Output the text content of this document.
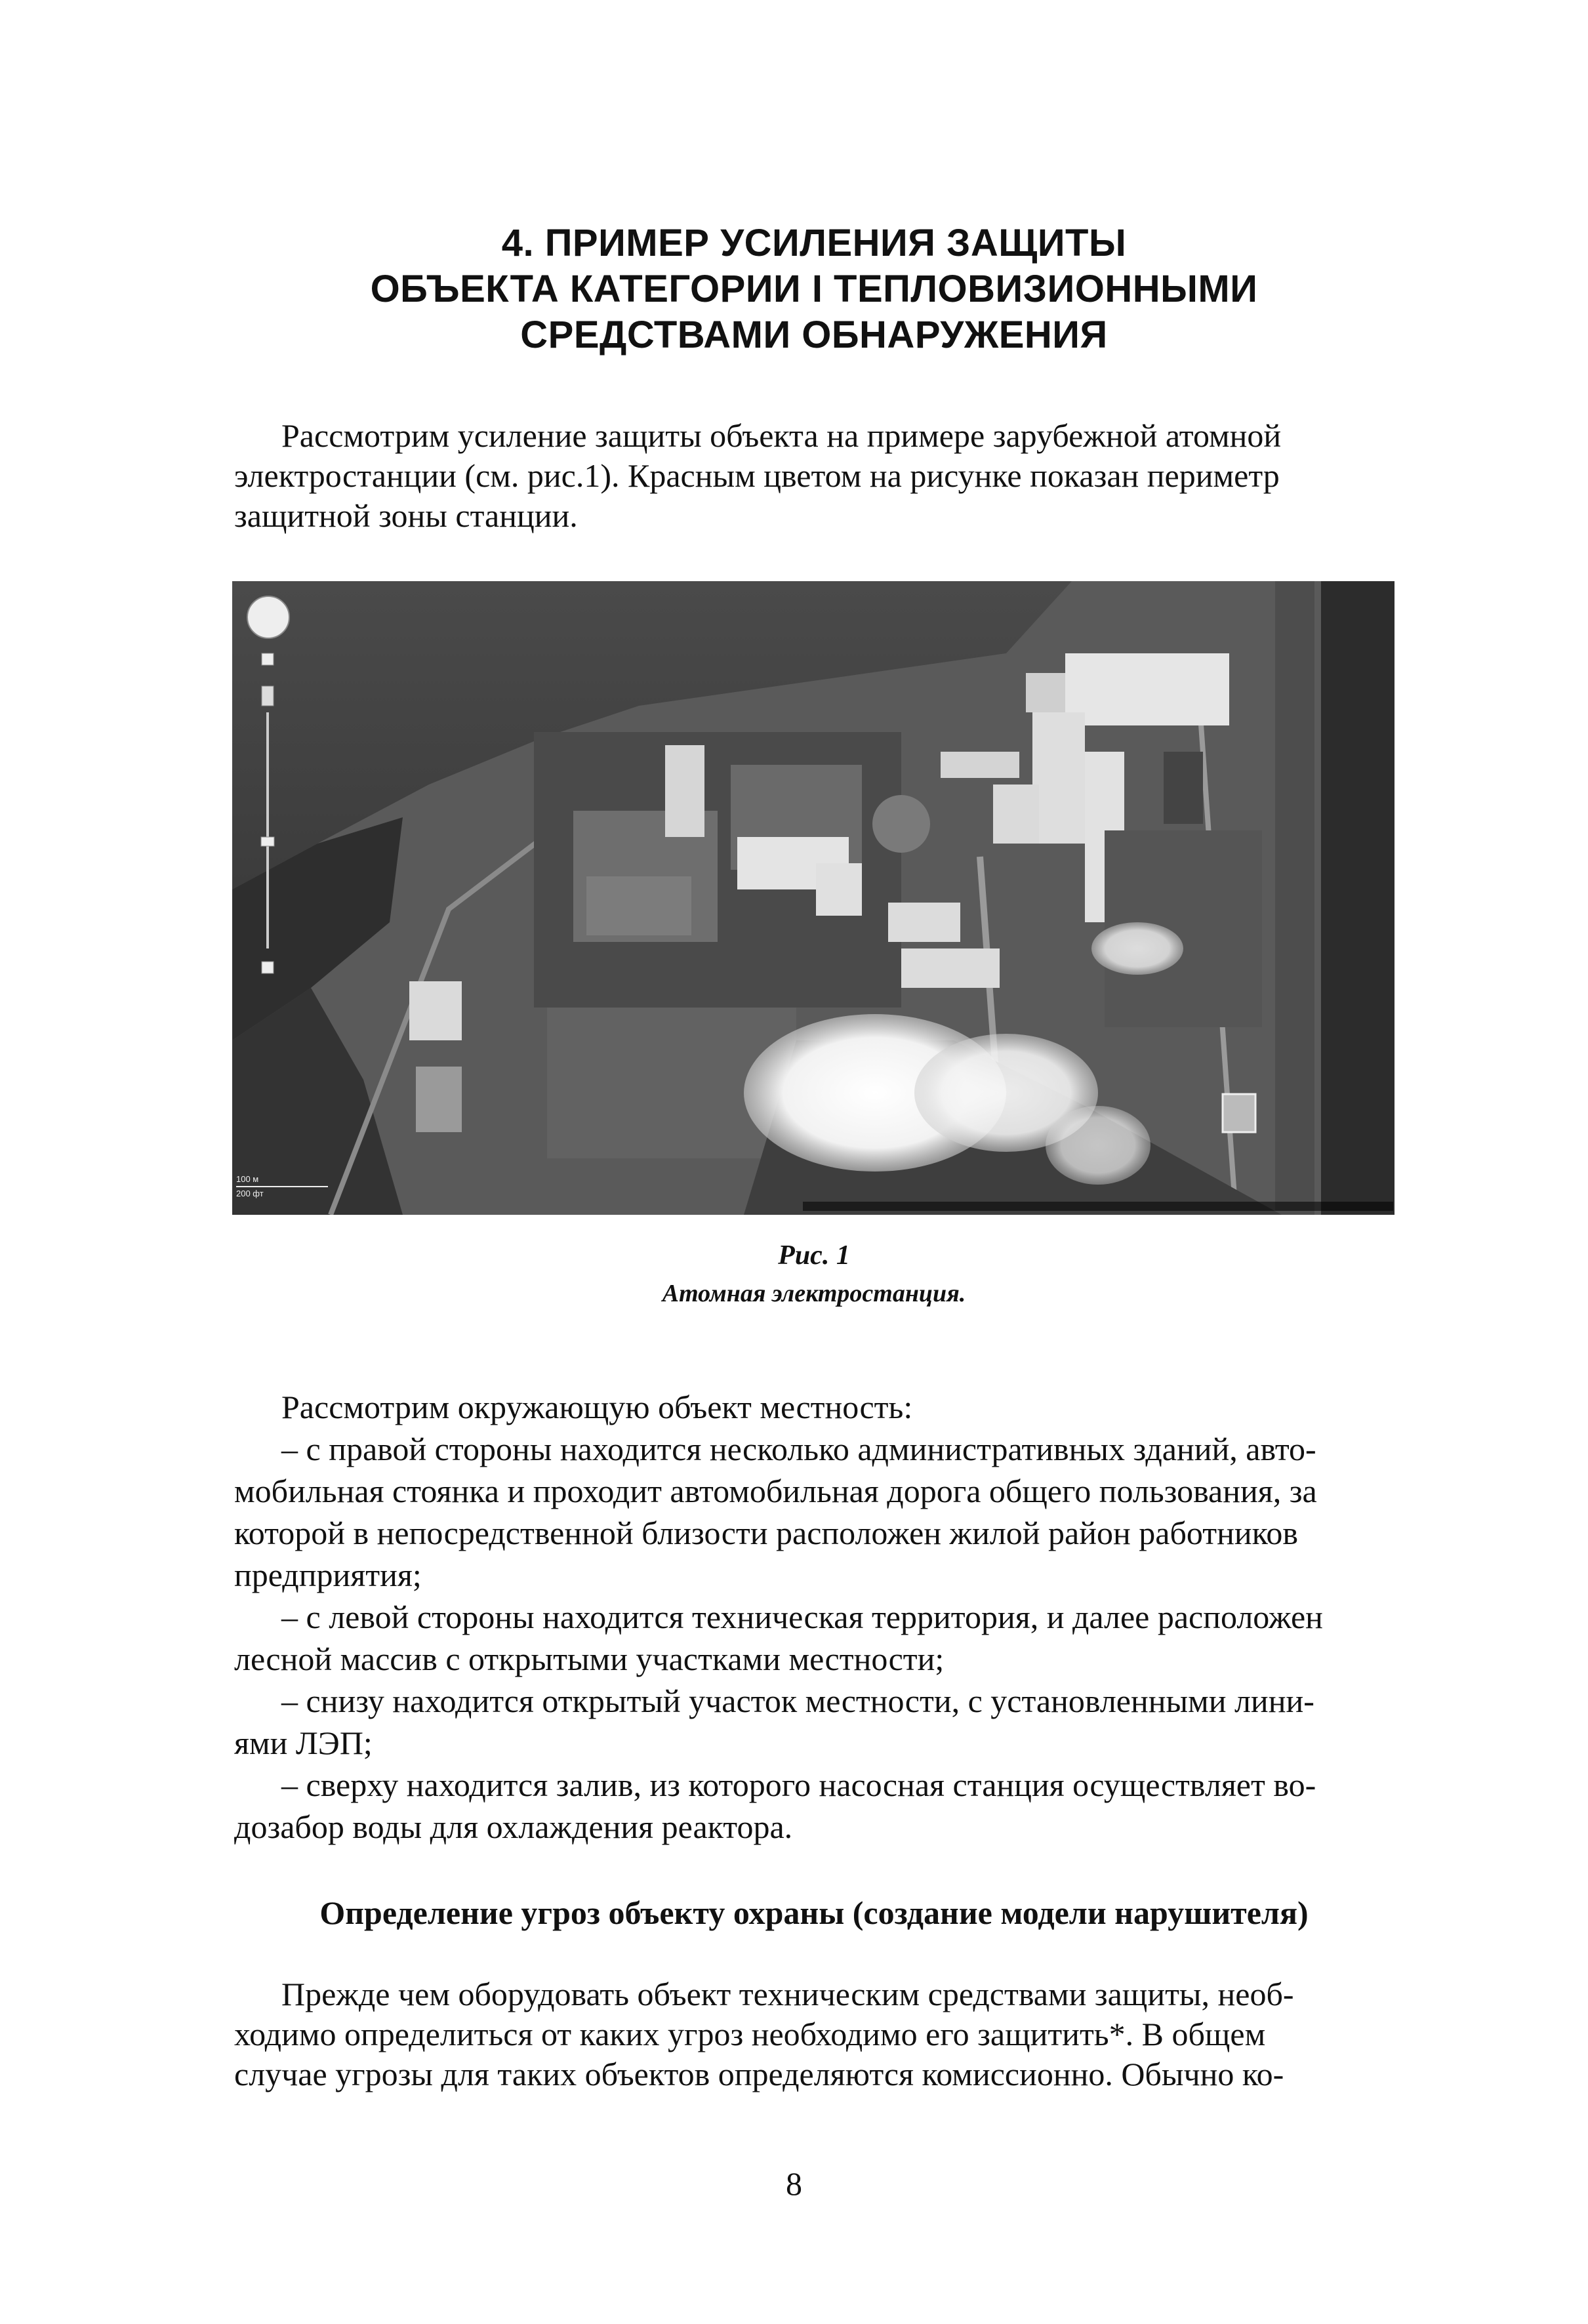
4. ПРИМЕР УСИЛЕНИЯ ЗАЩИТЫ
ОБЪЕКТА КАТЕГОРИИ I ТЕПЛОВИЗИОННЫМИ
СРЕДСТВАМИ ОБНАРУЖЕНИЯ
Рассмотрим усиление защиты объекта на примере зарубежной атомной
электростанции (см. рис.1). Красным цветом на рисунке показан периметр
защитной зоны станции.
100 м
200 фт
Рис. 1
Атомная электростанция.
Рассмотрим окружающую объект местность:
– с правой стороны находится несколько административных зданий, авто-
мобильная стоянка и проходит автомобильная дорога общего пользования, за
которой в непосредственной близости расположен жилой район работников
предприятия;
– с левой стороны находится техническая территория, и далее расположен
лесной массив с открытыми участками местности;
– снизу находится открытый участок местности, с установленными лини-
ями ЛЭП;
– сверху находится залив, из которого насосная станция осуществляет во-
дозабор воды для охлаждения реактора.
Определение угроз объекту охраны (создание модели нарушителя)
Прежде чем оборудовать объект техническим средствами защиты, необ-
ходимо определиться от каких угроз необходимо его защитить*. В общем
случае угрозы для таких объектов определяются комиссионно. Обычно ко-
8
